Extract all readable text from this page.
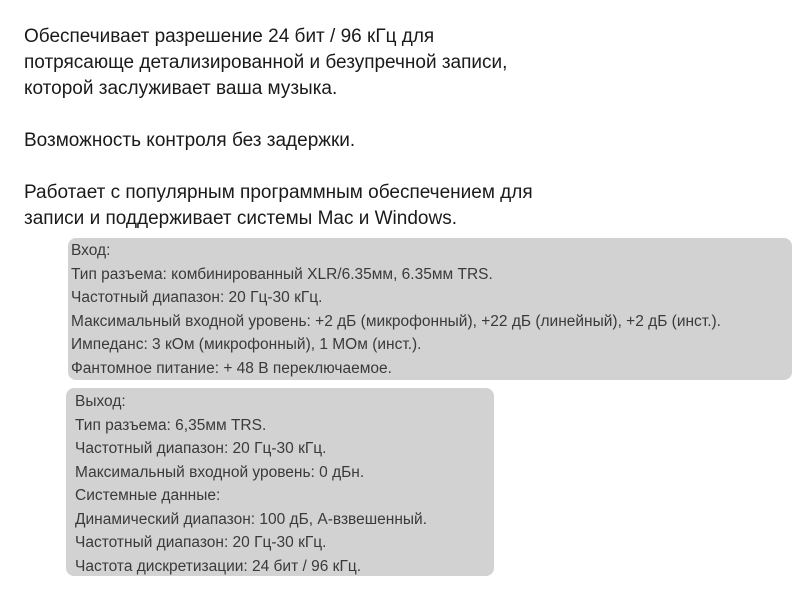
Обеспечивает разрешение 24 бит / 96 кГц для
потрясающе детализированной и безупречной записи,
которой заслуживает ваша музыка.

Возможность контроля без задержки.

Работает с популярным программным обеспечением для
записи и поддерживает системы Mac и Windows.

Вход:
Тип разъема: комбинированный XLR/6.35мм, 6.35мм TRS.
Частотный диапазон: 20 Гц-30 кГц.
Максимальный входной уровень: +2 дБ (микрофонный), +22 дБ (линейный), +2 дБ (инст.).
Импеданс: 3 кОм (микрофонный), 1 МОм (инст.).
Фантомное питание: + 48 В переключаемое.
Выход:
Тип разъема: 6,35мм TRS.
Частотный диапазон: 20 Гц-30 кГц.
Максимальный входной уровень: 0 дБн.
Системные данные:
Динамический диапазон: 100 дБ, А-взвешенный.
Частотный диапазон: 20 Гц-30 кГц.
Частота дискретизации: 24 бит / 96 кГц.
